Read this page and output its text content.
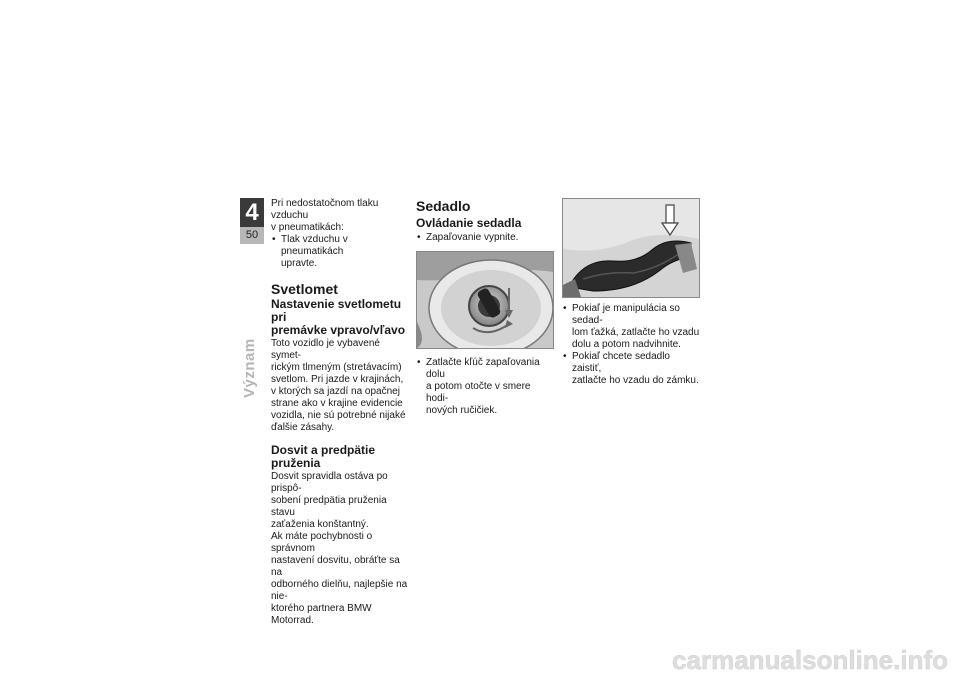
4
50
Význam

Pri nedostatočnom tlaku vzduchu

v pneumatikách:

• Tlak vzduchu v pneumatikách

upravte.

Svetlomet
Nastavenie svetlometu pri
premávke vpravo/vľavo

Toto vozidlo je vybavené symet-

rickým tlmeným (stretávacím)

svetlom. Pri jazde v krajinách,

v ktorých sa jazdí na opačnej

strane ako v krajine evidencie

vozidla, nie sú potrebné nijaké

ďalšie zásahy.

Dosvit a predpätie
pruženia

Dosvit spravidla ostáva po prispô-

sobení predpätia pruženia stavu

zaťaženia konštantný.

Ak máte pochybnosti o správnom

nastavení dosvitu, obráťte sa na

odborného dielňu, najlepšie na nie-

ktorého partnera BMW Motorrad.

Sedadlo
Ovládanie sedadla

• Zapaľovanie vypnite.

• Zatlačte kľúč zapaľovania dolu

a potom otočte v smere hodi-

nových ručičiek.

• Pokiaľ je manipulácia so sedad-

lom ťažká, zatlačte ho vzadu

dolu a potom nadvihnite.

• Pokiaľ chcete sedadlo zaistiť,

zatlačte ho vzadu do zámku.

carmanualsonline.info
